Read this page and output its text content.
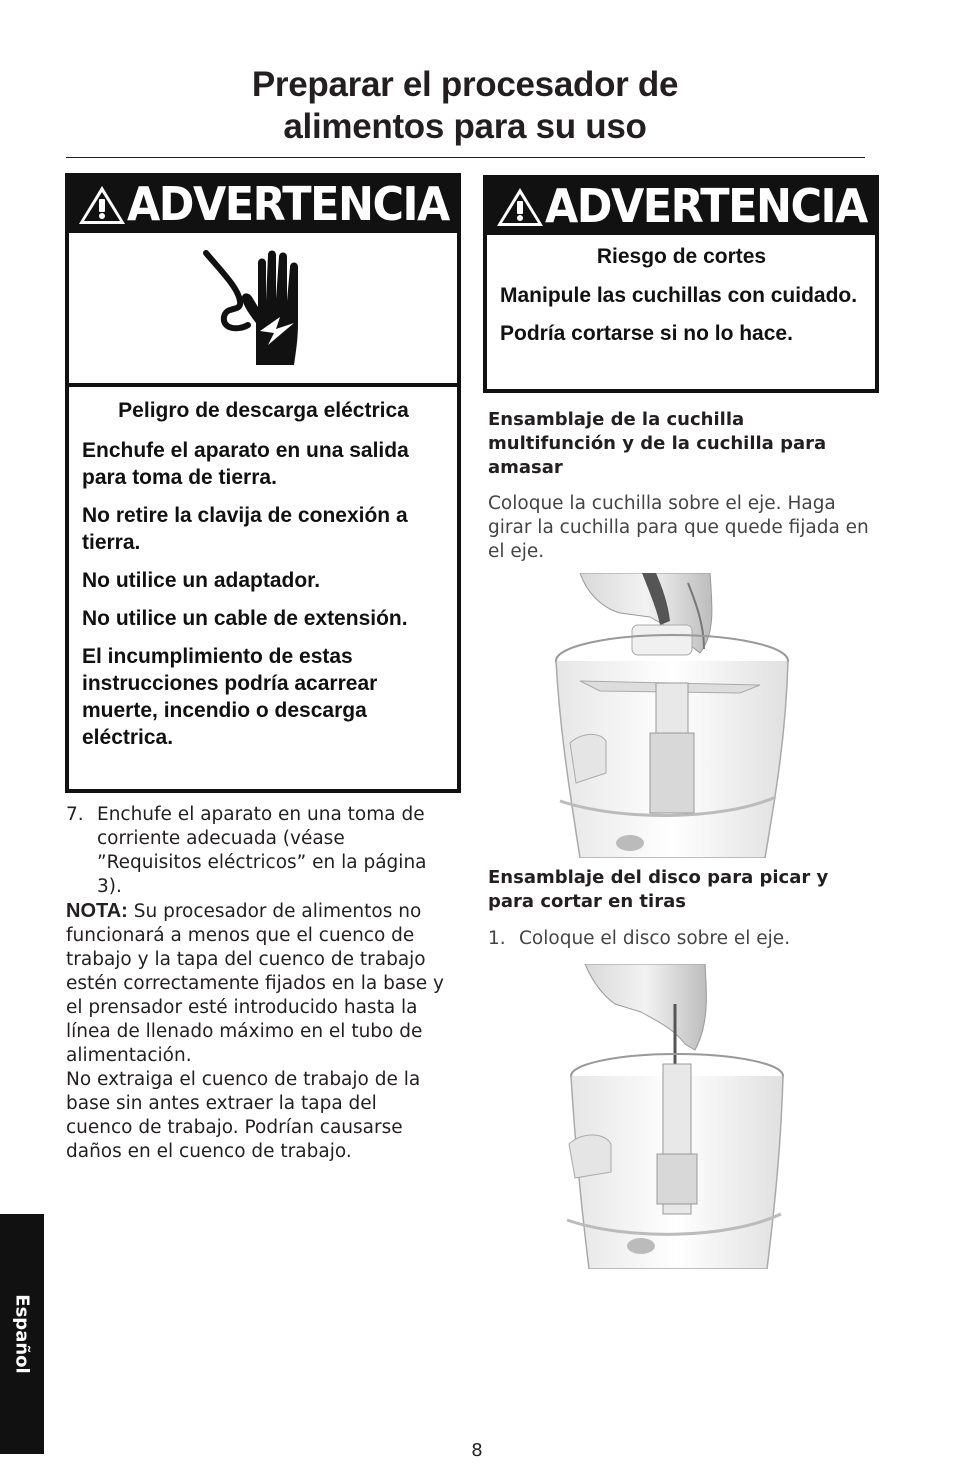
Preparar el procesador de
alimentos para su uso
ADVERTENCIA
Peligro de descarga eléctrica
Enchufe el aparato en una salida para toma de tierra.
No retire la clavija de conexión a tierra.
No utilice un adaptador.
No utilice un cable de extensión.
El incumplimiento de estas instrucciones podría acarrear muerte, incendio o descarga eléctrica.
ADVERTENCIA
Riesgo de cortes
Manipule las cuchillas con cuidado.
Podría cortarse si no lo hace.
7. Enchufe el aparato en una toma de corriente adecuada (véase ”Requisitos eléctricos” en la página 3).
NOTA: Su procesador de alimentos no funcionará a menos que el cuenco de trabajo y la tapa del cuenco de trabajo estén correctamente fijados en la base y el prensador esté introducido hasta la línea de llenado máximo en el tubo de alimentación.
No extraiga el cuenco de trabajo de la base sin antes extraer la tapa del cuenco de trabajo. Podrían causarse daños en el cuenco de trabajo.
Ensamblaje de la cuchilla multifunción y de la cuchilla para amasar
Coloque la cuchilla sobre el eje. Haga girar la cuchilla para que quede fijada en el eje.
Ensamblaje del disco para picar y para cortar en tiras
1. Coloque el disco sobre el eje.
Español
8
